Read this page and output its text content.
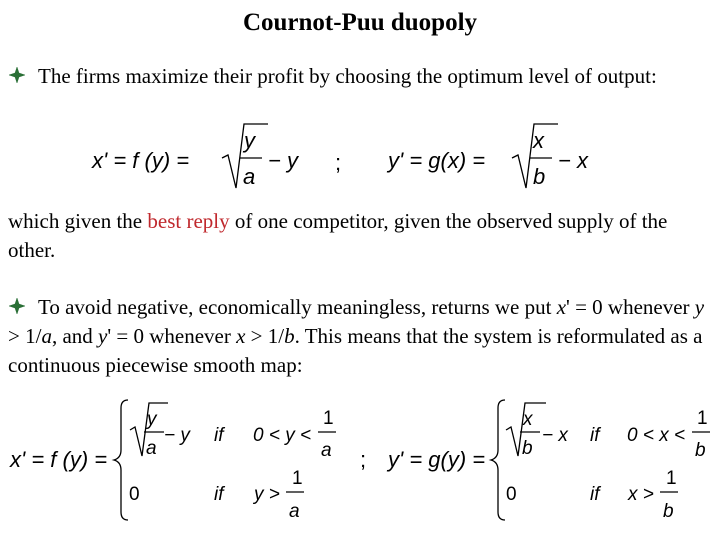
Cournot-Puu duopoly

The firms maximize their profit by choosing the optimum level of output:

x' = f (y) =
y
a
− y ; y' = g(x) =
x
b
− x
x' = f (y) =
y
a
− y if 0 < y <
1
a
0	if y >
1
a
; y' = g(y) =
x
b
− x if 0 < x <
1
b
0	if x >
1
b

which given the best reply of one competitor, given the observed supply of the other.

To avoid negative, economically meaningless, returns we put x' = 0 whenever y > 1/a, and y' = 0 whenever x > 1/b. This means that the system is reformulated as a continuous piecewise smooth map:
